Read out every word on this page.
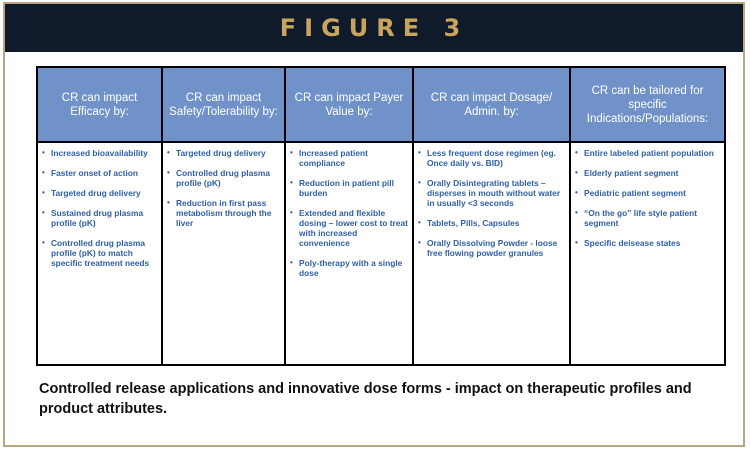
FIGURE 3
CR can impact Efficacy by:
• Increased bioavailability
• Faster onset of action
• Targeted drug delivery
• Sustained drug plasma profile (pK)
• Controlled drug plasma profile (pK) to match specific treatment needs
CR can impact Safety/Tolerability by:
• Targeted drug delivery
• Controlled drug plasma profile (pK)
• Reduction in first pass metabolism through the liver
CR can impact Payer Value by:
• Increased patient compliance
• Reduction in patient pill burden
• Extended and flexible dosing – lower cost to treat with increased convenience
• Poly-therapy with a single dose
CR can impact Dosage/ Admin. by:
• Less frequent dose regimen (eg. Once daily vs. BID)
• Orally Disintegrating tablets – disperses in mouth without water in usually <3 seconds
• Tablets, Pills, Capsules
• Orally Dissolving Powder - loose free flowing powder granules
CR can be tailored for specific Indications/Populations:
• Entire labeled patient population
• Elderly patient segment
• Pediatric patient segment
• “On the go” life style patient segment
• Specific deisease states
Controlled release applications and innovative dose forms - impact on therapeutic profiles and product attributes.
